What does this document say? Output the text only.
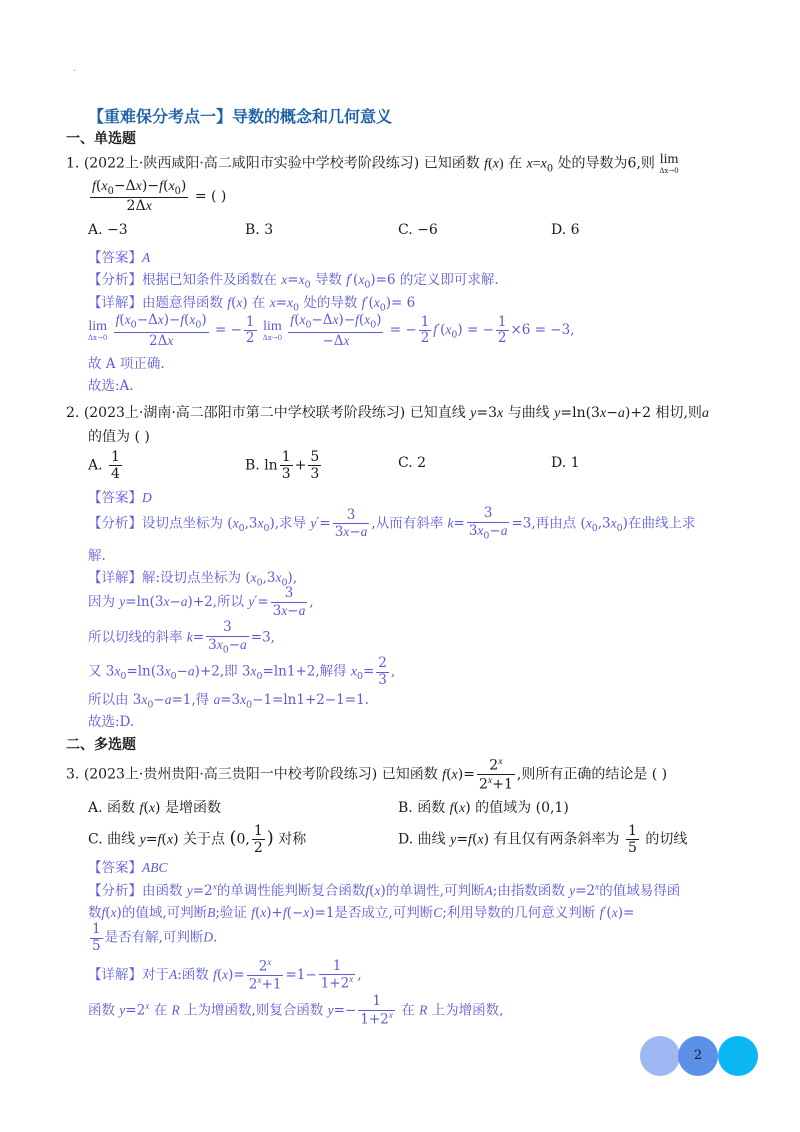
·
【重难保分考点一】导数的概念和几何意义
一、单选题
1. (2022上·陕西咸阳·高二咸阳市实验中学校考阶段练习) 已知函数 f(x) 在 $x=x_0$ 处的导数为6,则 lim
Δx→0
$\frac{f(x_0-\Delta x)-f(x_0)}{2\Delta x}$ = ( )
A. −3	B. 3	C. −6	D. 6
【答案】A
【分析】根据已知条件及函数在 $x=x_0$ 导数 $f'(x_0)=6$ 的定义即可求解.
【详解】由题意得函数 f(x) 在 $x=x_0$ 处的导数 $f'(x_0)= 6$
lim
Δx→0
$\frac{f(x_0-\Delta x)-f(x_0)}{2\Delta x}$ = − $\frac{1}{2}$ lim
Δx→0
$\frac{f(x_0-\Delta x)-f(x_0)}{-\Delta x}$ = − $\frac{1}{2} f'(x_0)$ = − $\frac{1}{2} \times 6 = -3$,
故 A 项正确.
故选:A.
2. (2023上·湖南·高二邵阳市第二中学校联考阶段练习) 已知直线 y=3x 与曲线 y=ln(3x−a)+2 相切,则a
的值为 ( )
A. $\frac{1}{4}$	B. $\ln \frac{1}{3} + \frac{5}{3}$	C. 2	D. 1
【答案】D
【分析】设切点坐标为 $(x_0,3x_0)$,求导 $y'= \frac{3}{3x-a}$ ,从而有斜率 $k= \frac{3}{3x_0-a} =3$,再由点 $(x_0,3x_0)$在曲线上求
解.
【详解】解:设切点坐标为 $(x_0,3x_0)$,
因为 y=ln(3x−a)+2,所以 $y'= \frac{3}{3x-a}$ ,
所以切线的斜率 $k= \frac{3}{3x_0-a} =3$,
又 $3x_0=\ln(3x_0-a)+2$,即 $3x_0=\ln 1+2$,解得 $x_0= \frac{2}{3}$ ,
所以由 $3x_0-a=1$,得 $a=3x_0-1=\ln 1+2-1=1$.
故选:D.
二、多选题
3. (2023上·贵州贵阳·高三贵阳一中校考阶段练习) 已知函数 $f(x)= \frac{2^x}{2^x+1}$ ,则所有正确的结论是 ( )
A. 函数 f(x) 是增函数	B. 函数 f(x) 的值域为 (0,1)
C. 曲线 y=f(x) 关于点 (0, $\frac{1}{2}$ ) 对称	D. 曲线 y=f(x) 有且仅有两条斜率为 $\frac{1}{5}$ 的切线
【答案】ABC
【分析】由函数 $y=2^x$的单调性能判断复合函数f(x)的单调性,可判断A;由指数函数 $y=2^x$的值域易得函
数f(x)的值域,可判断B;验证 f(x)+f(−x)=1是否成立,可判断C;利用导数的几何意义判断 f′(x)=
$\frac{1}{5}$ 是否有解,可判断D.
【详解】对于A:函数 $f(x)= \frac{2^x}{2^x+1} =1- \frac{1}{1+2^x}$ ,
函数 $y=2^x$ 在 R 上为增函数,则复合函数 $y=- \frac{1}{1+2^x}$ 在 R 上为增函数,
2
